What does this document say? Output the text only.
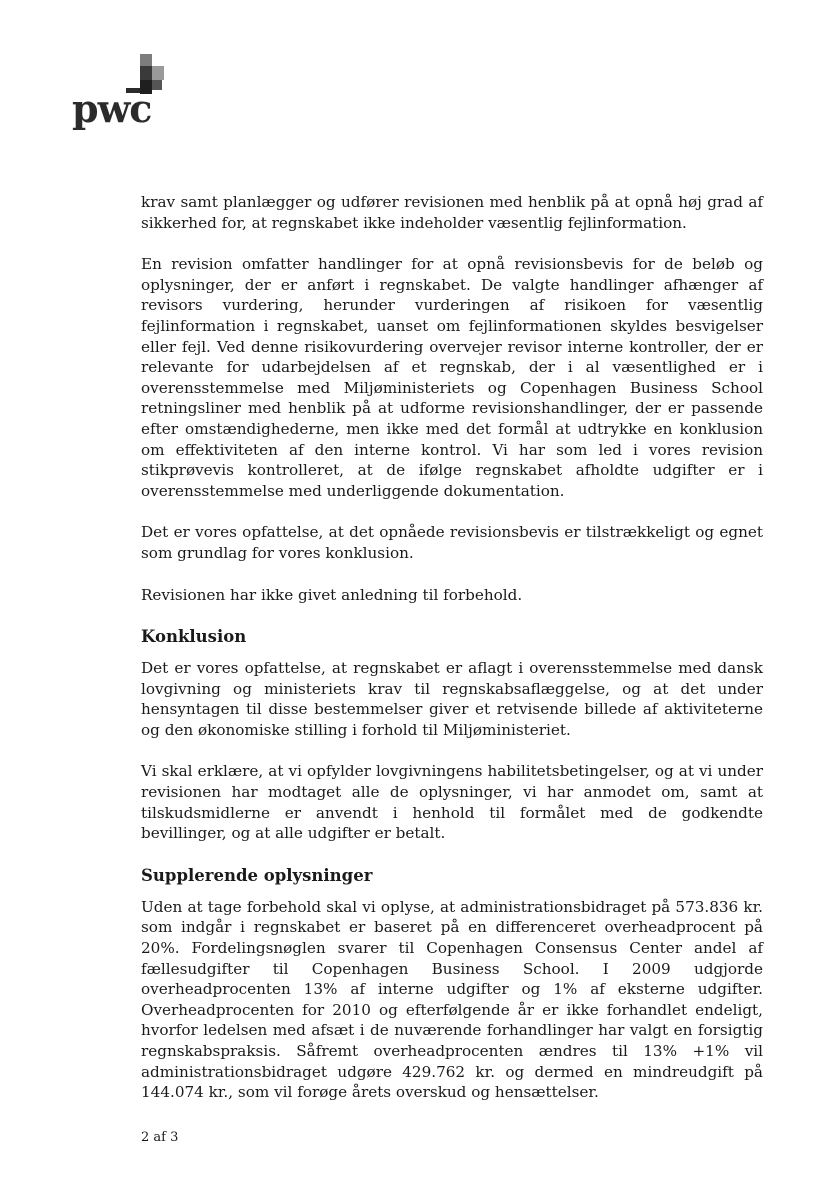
pwc

krav samt planlægger og udfører revisionen med henblik på at opnå høj grad af sikkerhed for, at regnskabet ikke indeholder væsentlig fejlinformation.

En revision omfatter handlinger for at opnå revisionsbevis for de beløb og oplysninger, der er anført i regnskabet. De valgte handlinger afhænger af revisors vurdering, herunder vurderingen af risikoen for væsentlig fejlinformation i regnskabet, uanset om fejlinformationen skyldes besvigelser eller fejl. Ved denne risikovurdering overvejer revisor interne kontroller, der er relevante for udarbejdelsen af et regnskab, der i al væsentlighed er i overensstemmelse med Miljøministeriets og Copenhagen Business School retningsliner med henblik på at udforme revisionshandlinger, der er passende efter omstændighederne, men ikke med det formål at udtrykke en konklusion om effektiviteten af den interne kontrol. Vi har som led i vores revision stikprøvevis kontrolleret, at de ifølge regnskabet afholdte udgifter er i overensstemmelse med underliggende dokumentation.

Det er vores opfattelse, at det opnåede revisionsbevis er tilstrækkeligt og egnet som grundlag for vores konklusion.

Revisionen har ikke givet anledning til forbehold.

Konklusion

Det er vores opfattelse, at regnskabet er aflagt i overensstemmelse med dansk lovgivning og ministeriets krav til regnskabsaflæggelse, og at det under hensyntagen til disse bestemmelser giver et retvisende billede af aktiviteterne og den økonomiske stilling i forhold til Miljøministeriet.

Vi skal erklære, at vi opfylder lovgivningens habilitetsbetingelser, og at vi under revisionen har modtaget alle de oplysninger, vi har anmodet om, samt at tilskudsmidlerne er anvendt i henhold til formålet med de godkendte bevillinger, og at alle udgifter er betalt.

Supplerende oplysninger

Uden at tage forbehold skal vi oplyse, at administrationsbidraget på 573.836 kr. som indgår i regnskabet er baseret på en differenceret overheadprocent på 20%. Fordelingsnøglen svarer til Copenhagen Consensus Center andel af fællesudgifter til Copenhagen Business School. I 2009 udgjorde overheadprocenten 13% af interne udgifter og 1% af eksterne udgifter. Overheadprocenten for 2010 og efterfølgende år er ikke forhandlet endeligt, hvorfor ledelsen med afsæt i de nuværende forhandlinger har valgt en forsigtig regnskabspraksis. Såfremt overheadprocenten ændres til 13% +1% vil administrationsbidraget udgøre 429.762 kr. og dermed en mindreudgift på 144.074 kr., som vil forøge årets overskud og hensættelser.

2 af 3
